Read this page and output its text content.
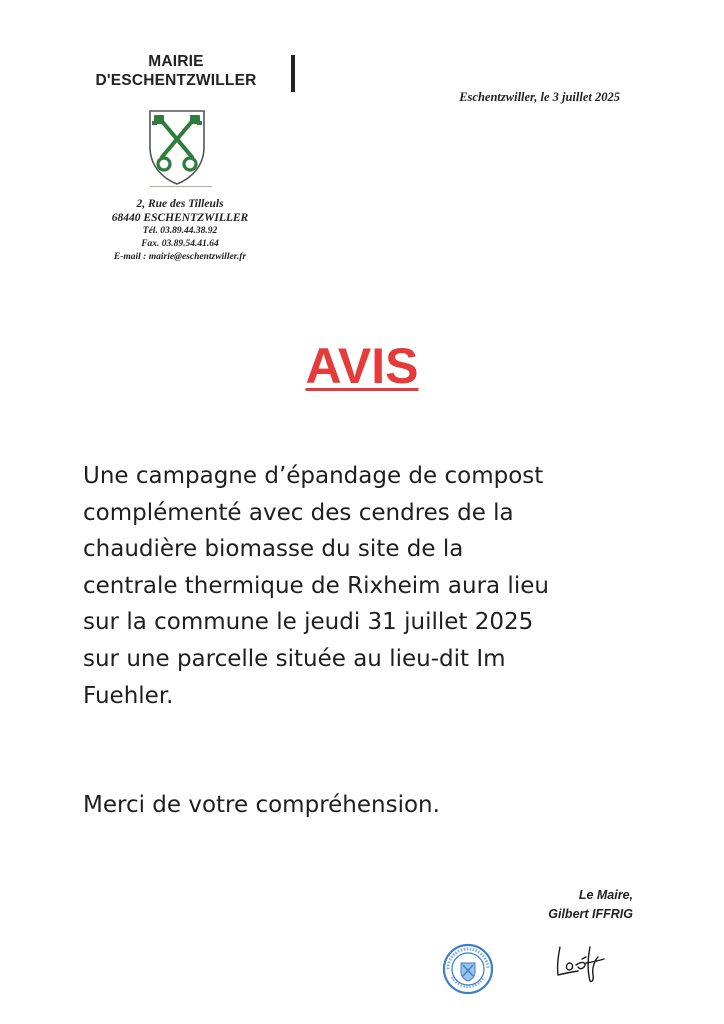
MAIRIE
D'ESCHENTZWILLER
2, Rue des Tilleuls
68440 ESCHENTZWILLER
Tél. 03.89.44.38.92
Fax. 03.89.54.41.64
E-mail : mairie@eschentzwiller.fr
Eschentzwiller, le 3 juillet 2025
AVIS
Une campagne d’épandage de compost
complémenté avec des cendres de la
chaudière biomasse du site de la
centrale thermique de Rixheim aura lieu
sur la commune le jeudi 31 juillet 2025
sur une parcelle située au lieu-dit Im
Fuehler.
Merci de votre compréhension.
Le Maire,
Gilbert IFFRIG
